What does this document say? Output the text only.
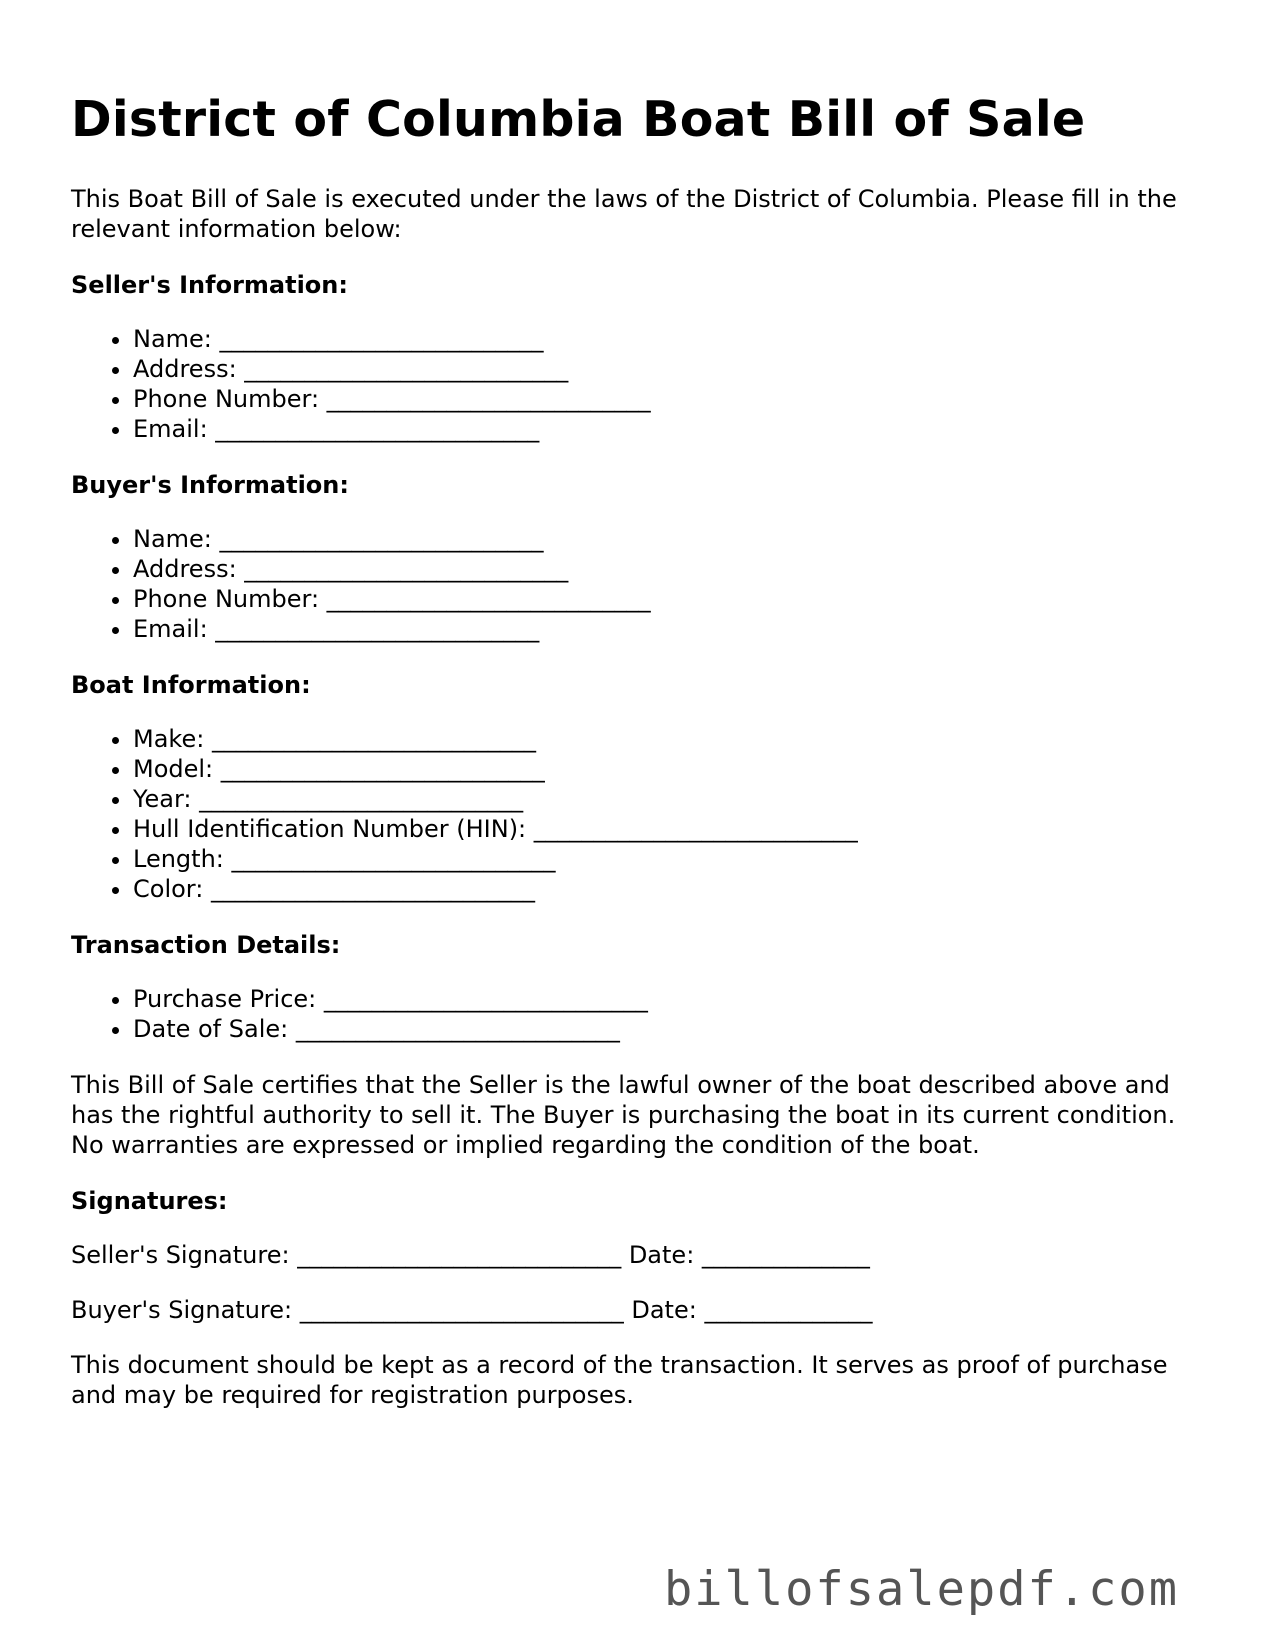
District of Columbia Boat Bill of Sale

This Boat Bill of Sale is executed under the laws of the District of Columbia. Please fill in the relevant information below:

Seller's Information:
• Name: ___________________________
• Address: ___________________________
• Phone Number: ___________________________
• Email: ___________________________
Buyer's Information:
• Name: ___________________________
• Address: ___________________________
• Phone Number: ___________________________
• Email: ___________________________
Boat Information:
• Make: ___________________________
• Model: ___________________________
• Year: ___________________________
• Hull Identification Number (HIN): ___________________________
• Length: ___________________________
• Color: ___________________________
Transaction Details:
• Purchase Price: ___________________________
• Date of Sale: ___________________________

This Bill of Sale certifies that the Seller is the lawful owner of the boat described above and has the rightful authority to sell it. The Buyer is purchasing the boat in its current condition. No warranties are expressed or implied regarding the condition of the boat.

Signatures:
Seller's Signature: ___________________________ Date: ______________
Buyer's Signature: ___________________________ Date: ______________

This document should be kept as a record of the transaction. It serves as proof of purchase and may be required for registration purposes.

billofsalepdf.com
